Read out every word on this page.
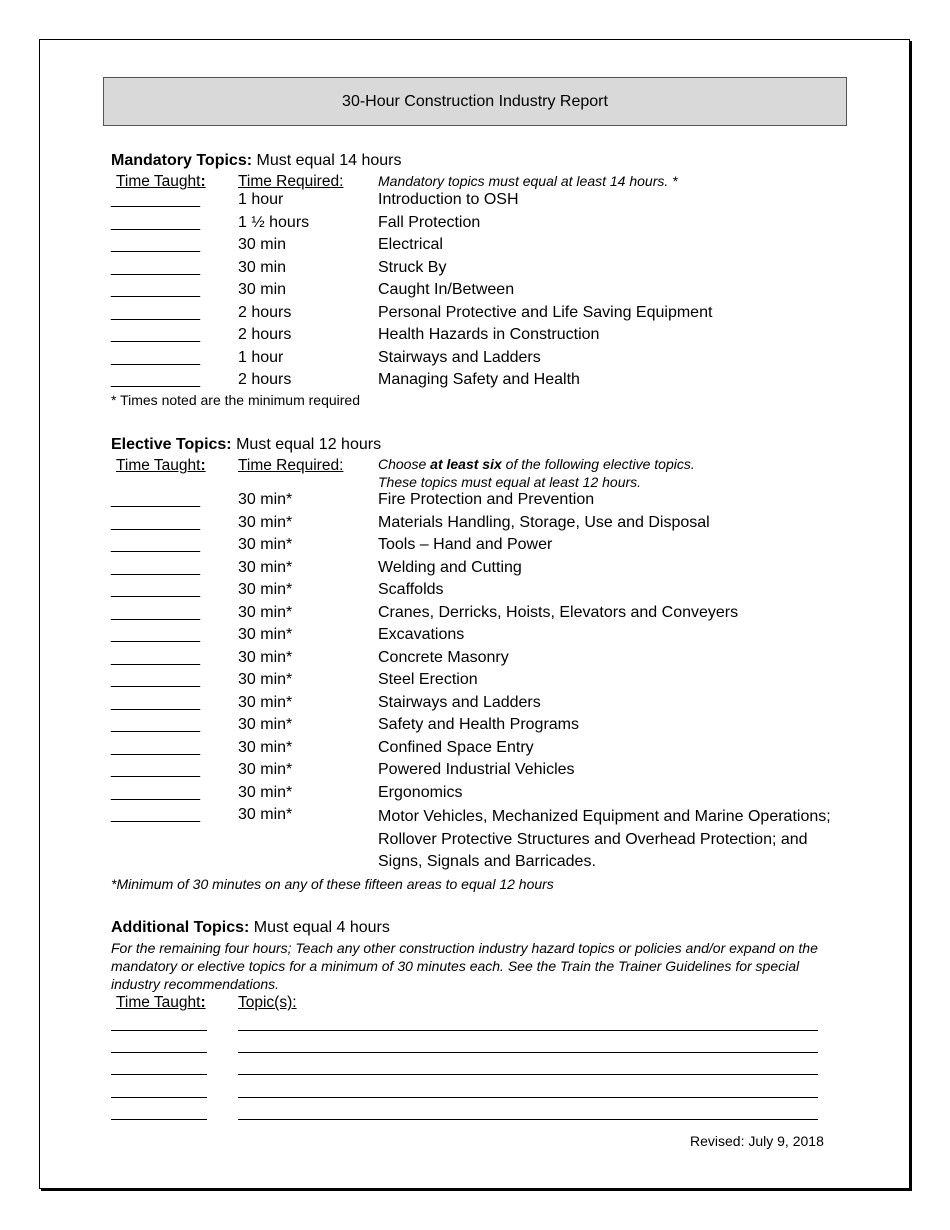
30-Hour Construction Industry Report
Mandatory Topics: Must equal 14 hours
Time Taught: Time Required: Mandatory topics must equal at least 14 hours. *
__________ 1 hour	Introduction to OSH
__________ 1 ½ hours	Fall Protection
__________ 30 min	Electrical
__________ 30 min	Struck By
__________ 30 min	Caught In/Between
__________ 2 hours	Personal Protective and Life Saving Equipment
__________ 2 hours	Health Hazards in Construction
__________ 1 hour	Stairways and Ladders
__________ 2 hours	Managing Safety and Health
* Times noted are the minimum required
Elective Topics: Must equal 12 hours
Time Taught: Time Required: Choose at least six of the following elective topics.
These topics must equal at least 12 hours.
__________ 30 min*	Fire Protection and Prevention
__________ 30 min*	Materials Handling, Storage, Use and Disposal
__________ 30 min*	Tools – Hand and Power
__________ 30 min*	Welding and Cutting
__________ 30 min*	Scaffolds
__________ 30 min*	Cranes, Derricks, Hoists, Elevators and Conveyers
__________ 30 min*	Excavations
__________ 30 min*	Concrete Masonry
__________ 30 min*	Steel Erection
__________ 30 min*	Stairways and Ladders
__________ 30 min*	Safety and Health Programs
__________ 30 min*	Confined Space Entry
__________ 30 min*	Powered Industrial Vehicles
__________ 30 min*	Ergonomics
__________ 30 min*	Motor Vehicles, Mechanized Equipment and Marine Operations; Rollover Protective Structures and Overhead Protection; and Signs, Signals and Barricades.
*Minimum of 30 minutes on any of these fifteen areas to equal 12 hours
Additional Topics: Must equal 4 hours
For the remaining four hours; Teach any other construction industry hazard topics or policies and/or expand on the mandatory or elective topics for a minimum of 30 minutes each. See the Train the Trainer Guidelines for special industry recommendations.
Time Taught: Topic(s):
Revised: July 9, 2018
